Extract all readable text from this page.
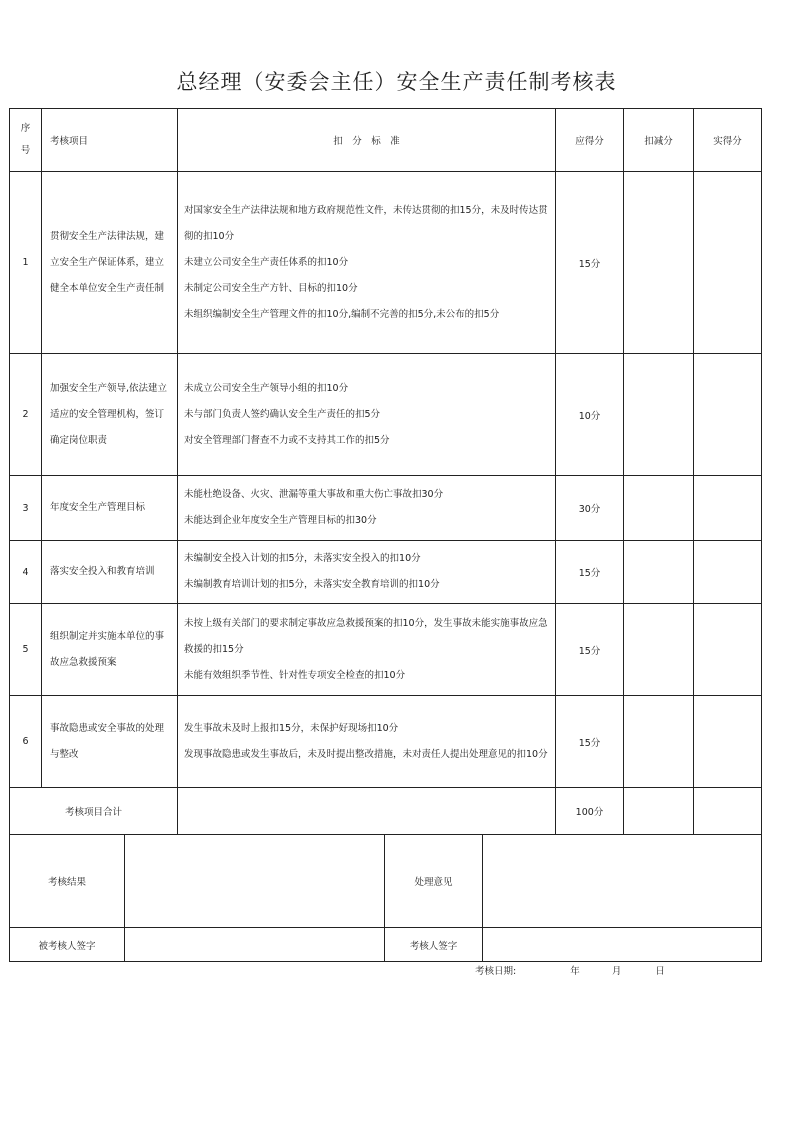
总经理（安委会主任）安全生产责任制考核表
序
号	考核项目	扣　分　标　准	应得分	扣减分	实得分
1	贯彻安全生产法律法规，建立安全生产保证体系，建立健全本单位安全生产责任制	对国家安全生产法律法规和地方政府规范性文件，未传达贯彻的扣15分，未及时传达贯彻的扣10分
未建立公司安全生产责任体系的扣10分
未制定公司安全生产方针、目标的扣10分
未组织编制安全生产管理文件的扣10分,编制不完善的扣5分,未公布的扣5分	15分		
2	加强安全生产领导,依法建立适应的安全管理机构，签订确定岗位职责	未成立公司安全生产领导小组的扣10分
未与部门负责人签约确认安全生产责任的扣5分
对安全管理部门督查不力或不支持其工作的扣5分	10分		
3	年度安全生产管理目标	未能杜绝设备、火灾、泄漏等重大事故和重大伤亡事故扣30分
未能达到企业年度安全生产管理目标的扣30分	30分		
4	落实安全投入和教育培训	未编制安全投入计划的扣5分，未落实安全投入的扣10分
未编制教育培训计划的扣5分，未落实安全教育培训的扣10分	15分		
5	组织制定并实施本单位的事故应急救援预案	未按上级有关部门的要求制定事故应急救援预案的扣10分，发生事故未能实施事故应急救援的扣15分
未能有效组织季节性、针对性专项安全检查的扣10分	15分		
6	事故隐患或安全事故的处理与整改	发生事故未及时上报扣15分，未保护好现场扣10分
发现事故隐患或发生事故后，未及时提出整改措施，未对责任人提出处理意见的扣10分	15分		
考核项目合计			100分		
考核结果		处理意见	
被考核人签字		考核人签字	
考核日期:	年	月	日
